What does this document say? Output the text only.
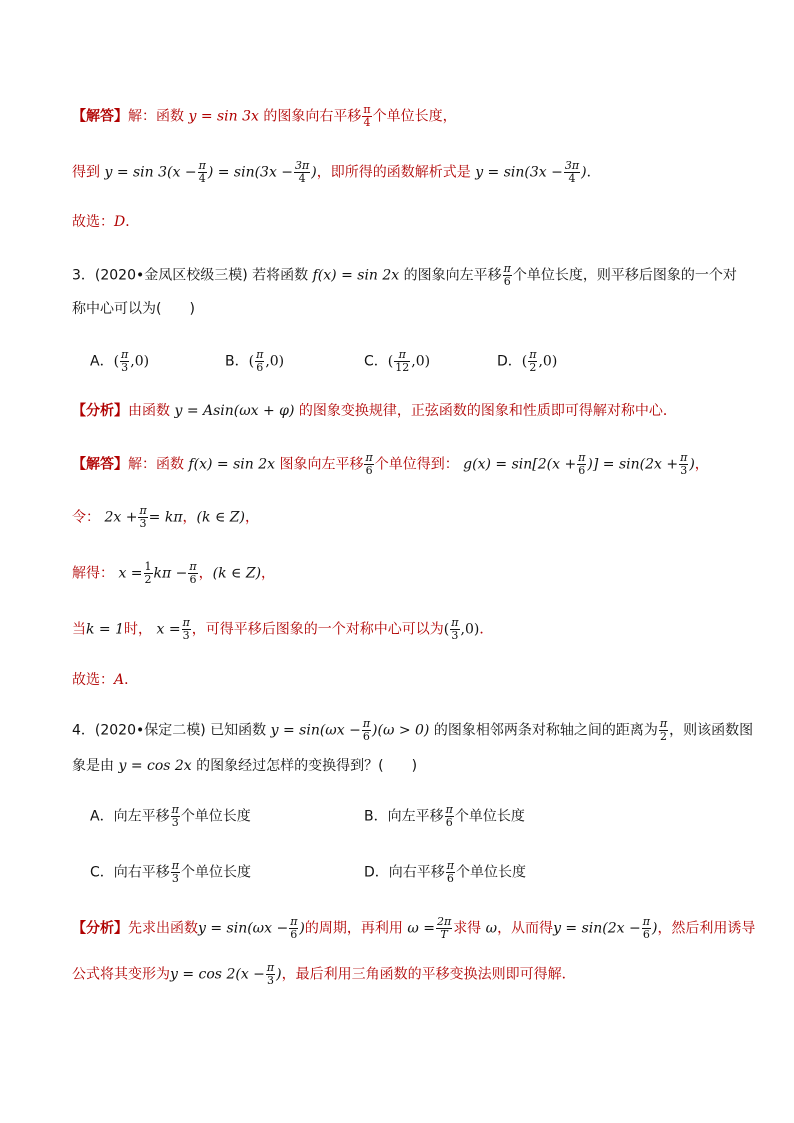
【解答】解：函数 y = sin 3x 的图象向右平移 $\frac{\pi}{4}$ 个单位长度，
得到 $y = \sin 3(x - \frac{\pi}{4}$ ) = $\sin(3x - \frac{3\pi}{4}$ )，即所得的函数解析式是 $y = \sin(3x - \frac{3\pi}{4}$ )．
故选：D．
3．(2020•金凤区校级三模) 若将函数 f(x) = sin 2x 的图象向左平移 $\frac{\pi}{6}$ 个单位长度，则平移后图象的一个对
称中心可以为(　　)
A．( $\frac{\pi}{3} ,0$)	B．( $\frac{\pi}{6} ,0$)	C．( $\frac{\pi}{12} ,0$)	D．( $\frac{\pi}{2} ,0$)
【分析】由函数 y = Asin(ωx + φ) 的图象变换规律，正弦函数的图象和性质即可得解对称中心．
【解答】解：函数 f(x) = sin 2x 图象向左平移 $\frac{\pi}{6}$ 个单位得到： $g(x) = \sin[2(x + \frac{\pi}{6}$ )] = $\sin(2x + \frac{\pi}{3}$ )，
令： $2x + \frac{\pi}{3} = k\pi$，(k ∈ Z)，
解得： $x = \frac{1}{2}$ $k\pi - \frac{\pi}{6}$ ，(k ∈ Z)，
当k = 1时， $x = \frac{\pi}{3}$ ，可得平移后图象的一个对称中心可以为( $\frac{\pi}{3} ,0$)．
故选：A．
4．(2020•保定二模) 已知函数 $y = \sin(\omega x - \frac{\pi}{6} )(\omega > 0)$ 的图象相邻两条对称轴之间的距离为 $\frac{\pi}{2}$ ，则该函数图
象是由 y = cos 2x 的图象经过怎样的变换得到？(　　)
A．向左平移 $\frac{\pi}{3}$ 个单位长度	B．向左平移 $\frac{\pi}{6}$ 个单位长度
C．向右平移 $\frac{\pi}{3}$ 个单位长度	D．向右平移 $\frac{\pi}{6}$ 个单位长度
【分析】先求出函数$y = \sin(\omega x - \frac{\pi}{6}$ )的周期，再利用 $\omega = \frac{2\pi}{T}$ 求得 ω，从而得$y = \sin(2x - \frac{\pi}{6}$ )，然后利用诱导
公式将其变形为$y = \cos 2(x - \frac{\pi}{3}$ )，最后利用三角函数的平移变换法则即可得解．
